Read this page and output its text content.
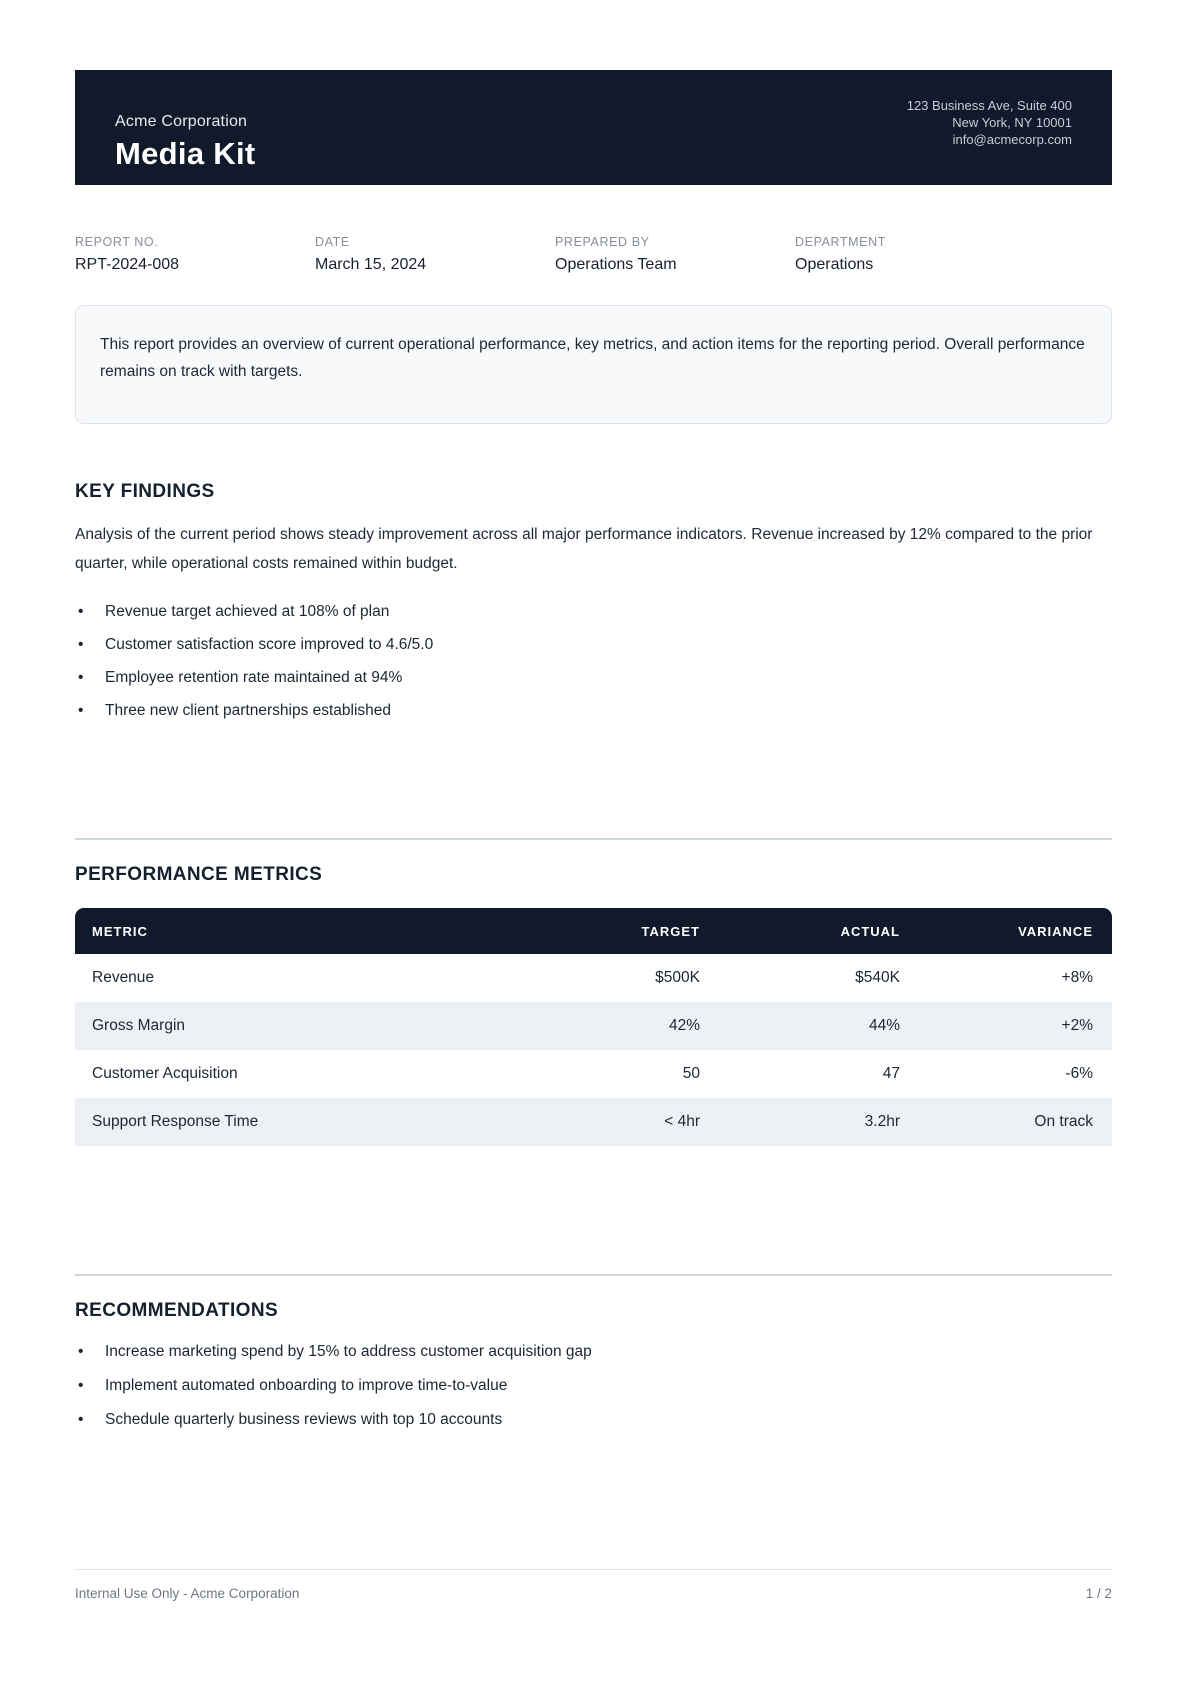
Acme Corporation
Media Kit
123 Business Ave, Suite 400
New York, NY 10001
info@acmecorp.com
REPORT NO.
RPT-2024-008
DATE
March 15, 2024
PREPARED BY
Operations Team
DEPARTMENT
Operations
This report provides an overview of current operational performance, key metrics, and action items for the reporting period. Overall performance remains on track with targets.
KEY FINDINGS
Analysis of the current period shows steady improvement across all major performance indicators. Revenue increased by 12% compared to the prior quarter, while operational costs remained within budget.
• Revenue target achieved at 108% of plan
• Customer satisfaction score improved to 4.6/5.0
• Employee retention rate maintained at 94%
• Three new client partnerships established
PERFORMANCE METRICS
METRIC	TARGET	ACTUAL	VARIANCE
Revenue	$500K	$540K	+8%
Gross Margin	42%	44%	+2%
Customer Acquisition	50	47	-6%
Support Response Time	< 4hr	3.2hr	On track
RECOMMENDATIONS
• Increase marketing spend by 15% to address customer acquisition gap
• Implement automated onboarding to improve time-to-value
• Schedule quarterly business reviews with top 10 accounts
Internal Use Only - Acme Corporation	1 / 2
